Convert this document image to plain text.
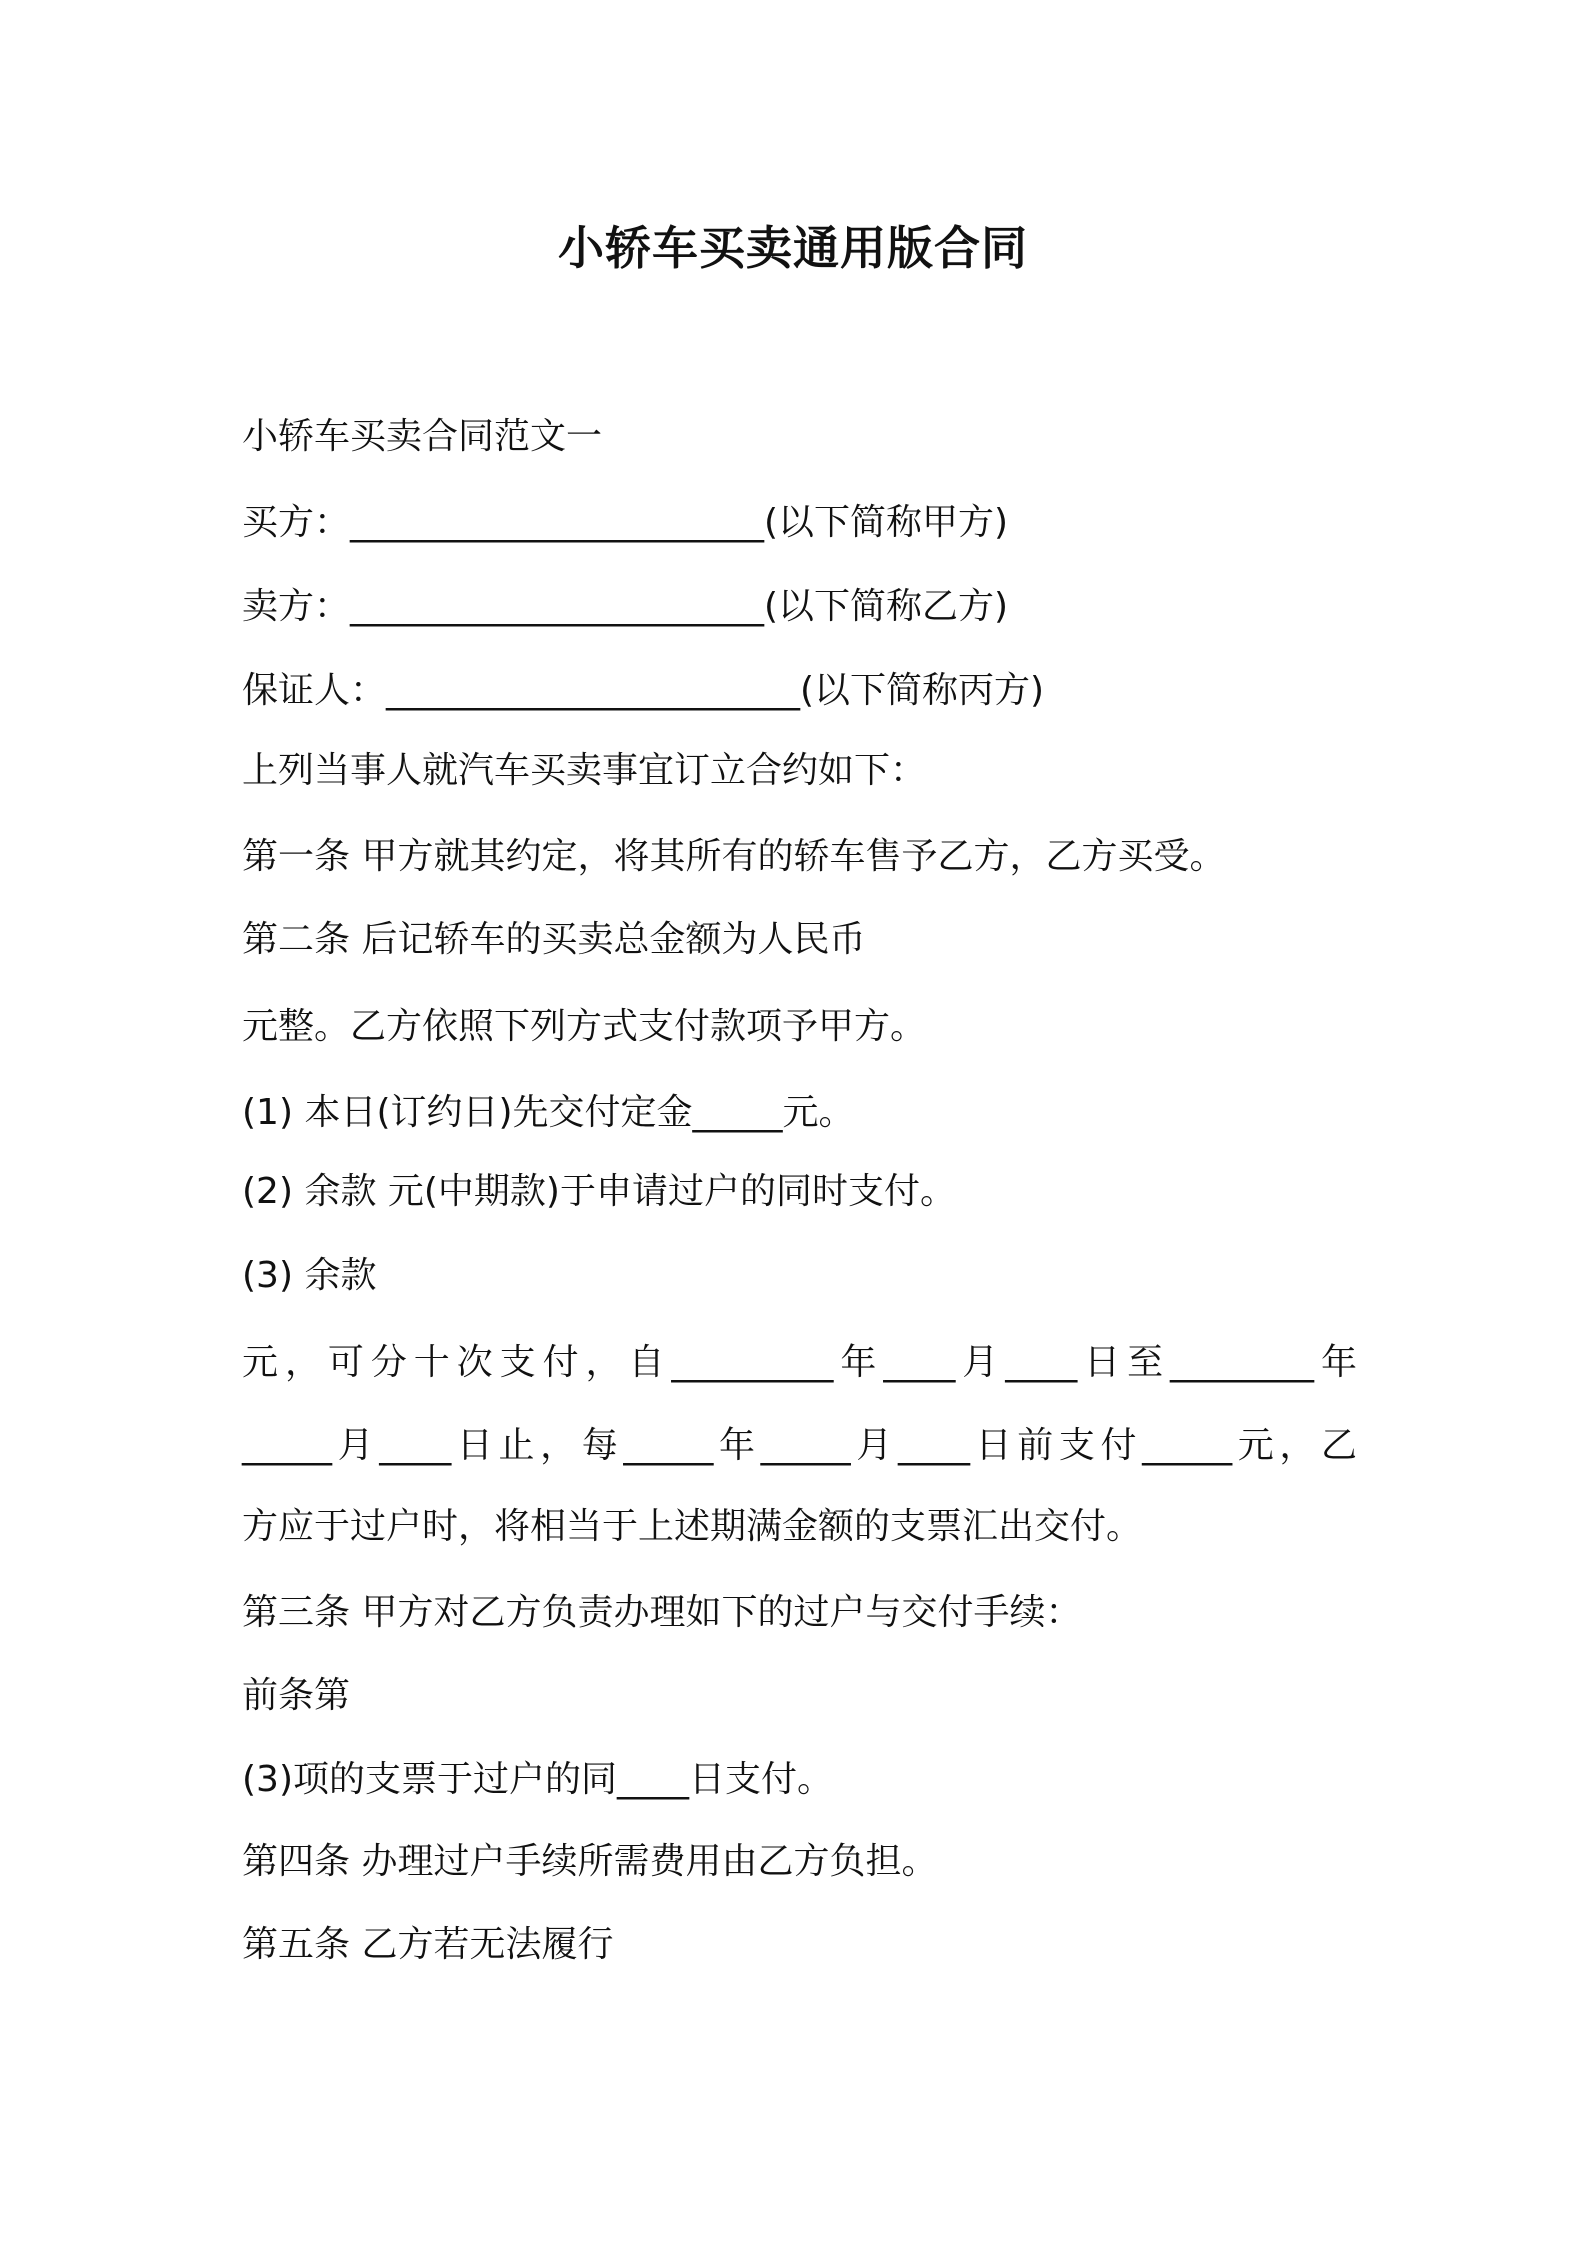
小轿车买卖通用版合同
小轿车买卖合同范文一
买方：_______________________(以下简称甲方)
卖方：_______________________(以下简称乙方)
保证人：_______________________(以下简称丙方)
上列当事人就汽车买卖事宜订立合约如下：
第一条 甲方就其约定，将其所有的轿车售予乙方，乙方买受。
第二条 后记轿车的买卖总金额为人民币
元整。乙方依照下列方式支付款项予甲方。
(1) 本日(订约日)先交付定金_____元。
(2) 余款 元(中期款)于申请过户的同时支付。
(3) 余款
元，可分十次支付，自_________年____月____日至________年
_____月____日止，每_____年_____月____日前支付_____元，乙
方应于过户时，将相当于上述期满金额的支票汇出交付。
第三条 甲方对乙方负责办理如下的过户与交付手续：
前条第
(3)项的支票于过户的同____日支付。
第四条 办理过户手续所需费用由乙方负担。
第五条 乙方若无法履行
